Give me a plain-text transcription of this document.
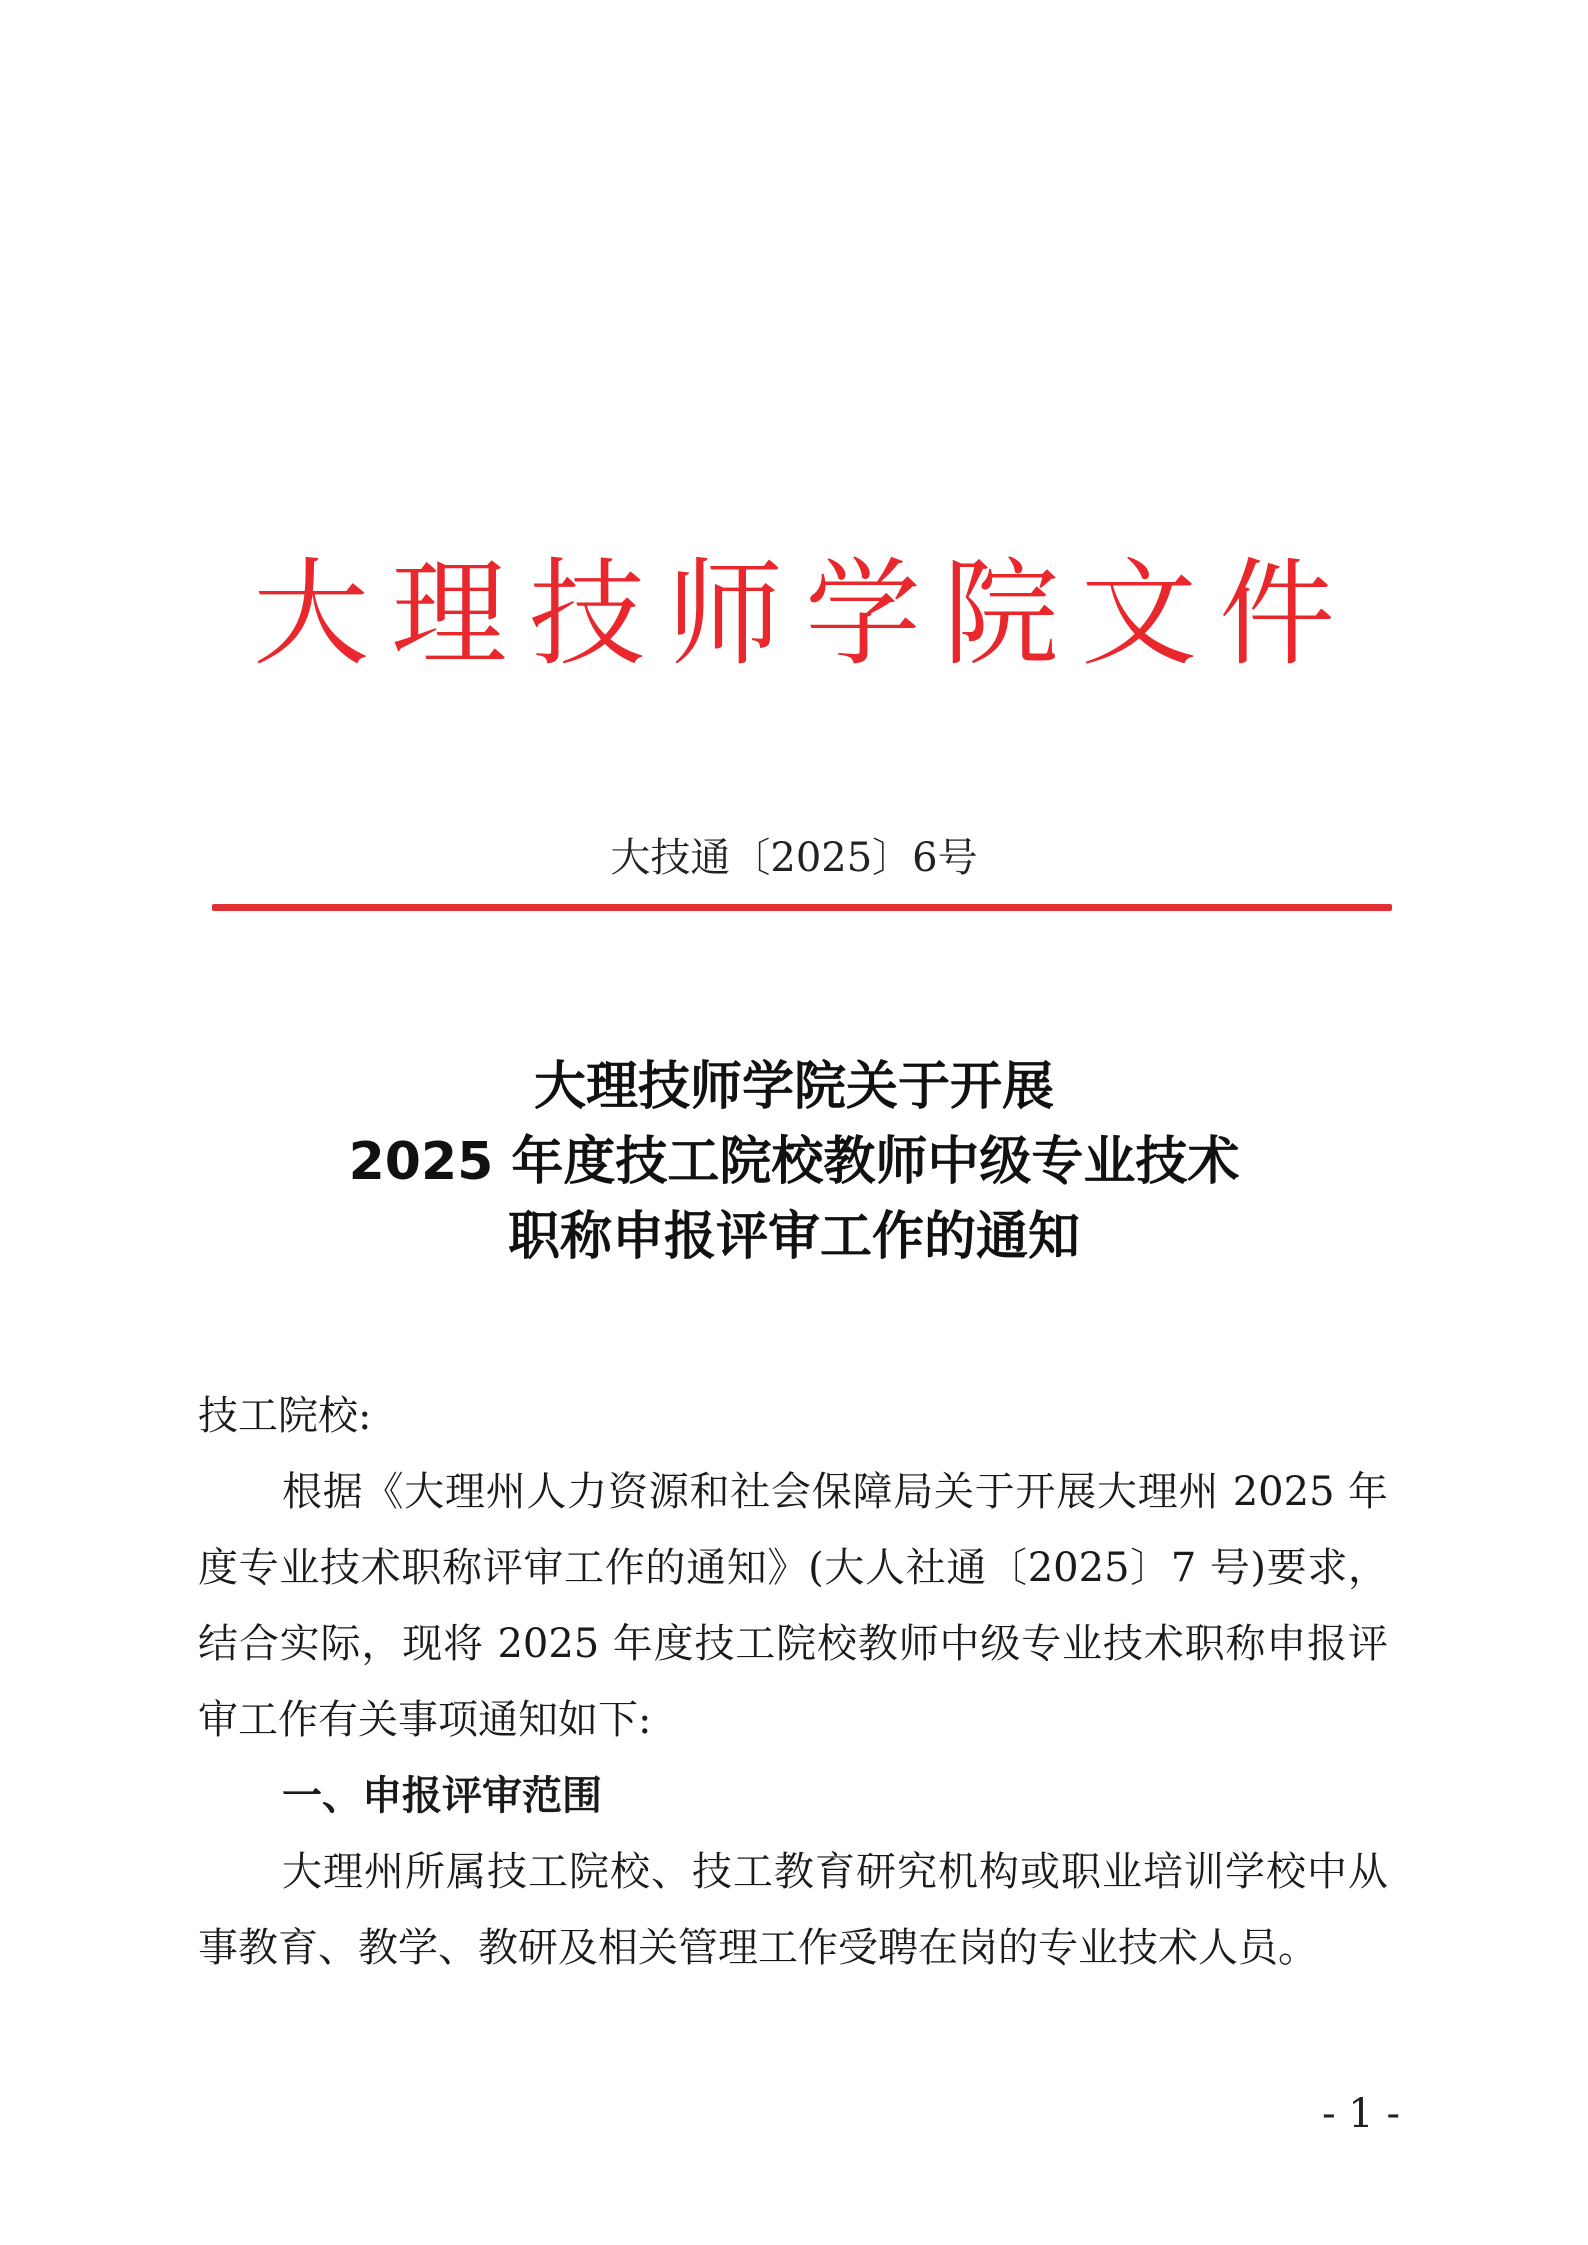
大理技师学院文件
大技通〔2025〕6号
大理技师学院关于开展
2025 年度技工院校教师中级专业技术
职称申报评审工作的通知
技工院校:
根据《大理州人力资源和社会保障局关于开展大理州 2025 年度专业技术职称评审工作的通知》(大人社通〔2025〕7 号)要求，结合实际，现将 2025 年度技工院校教师中级专业技术职称申报评审工作有关事项通知如下:
一、申报评审范围
大理州所属技工院校、技工教育研究机构或职业培训学校中从事教育、教学、教研及相关管理工作受聘在岗的专业技术人员。
- 1 -
